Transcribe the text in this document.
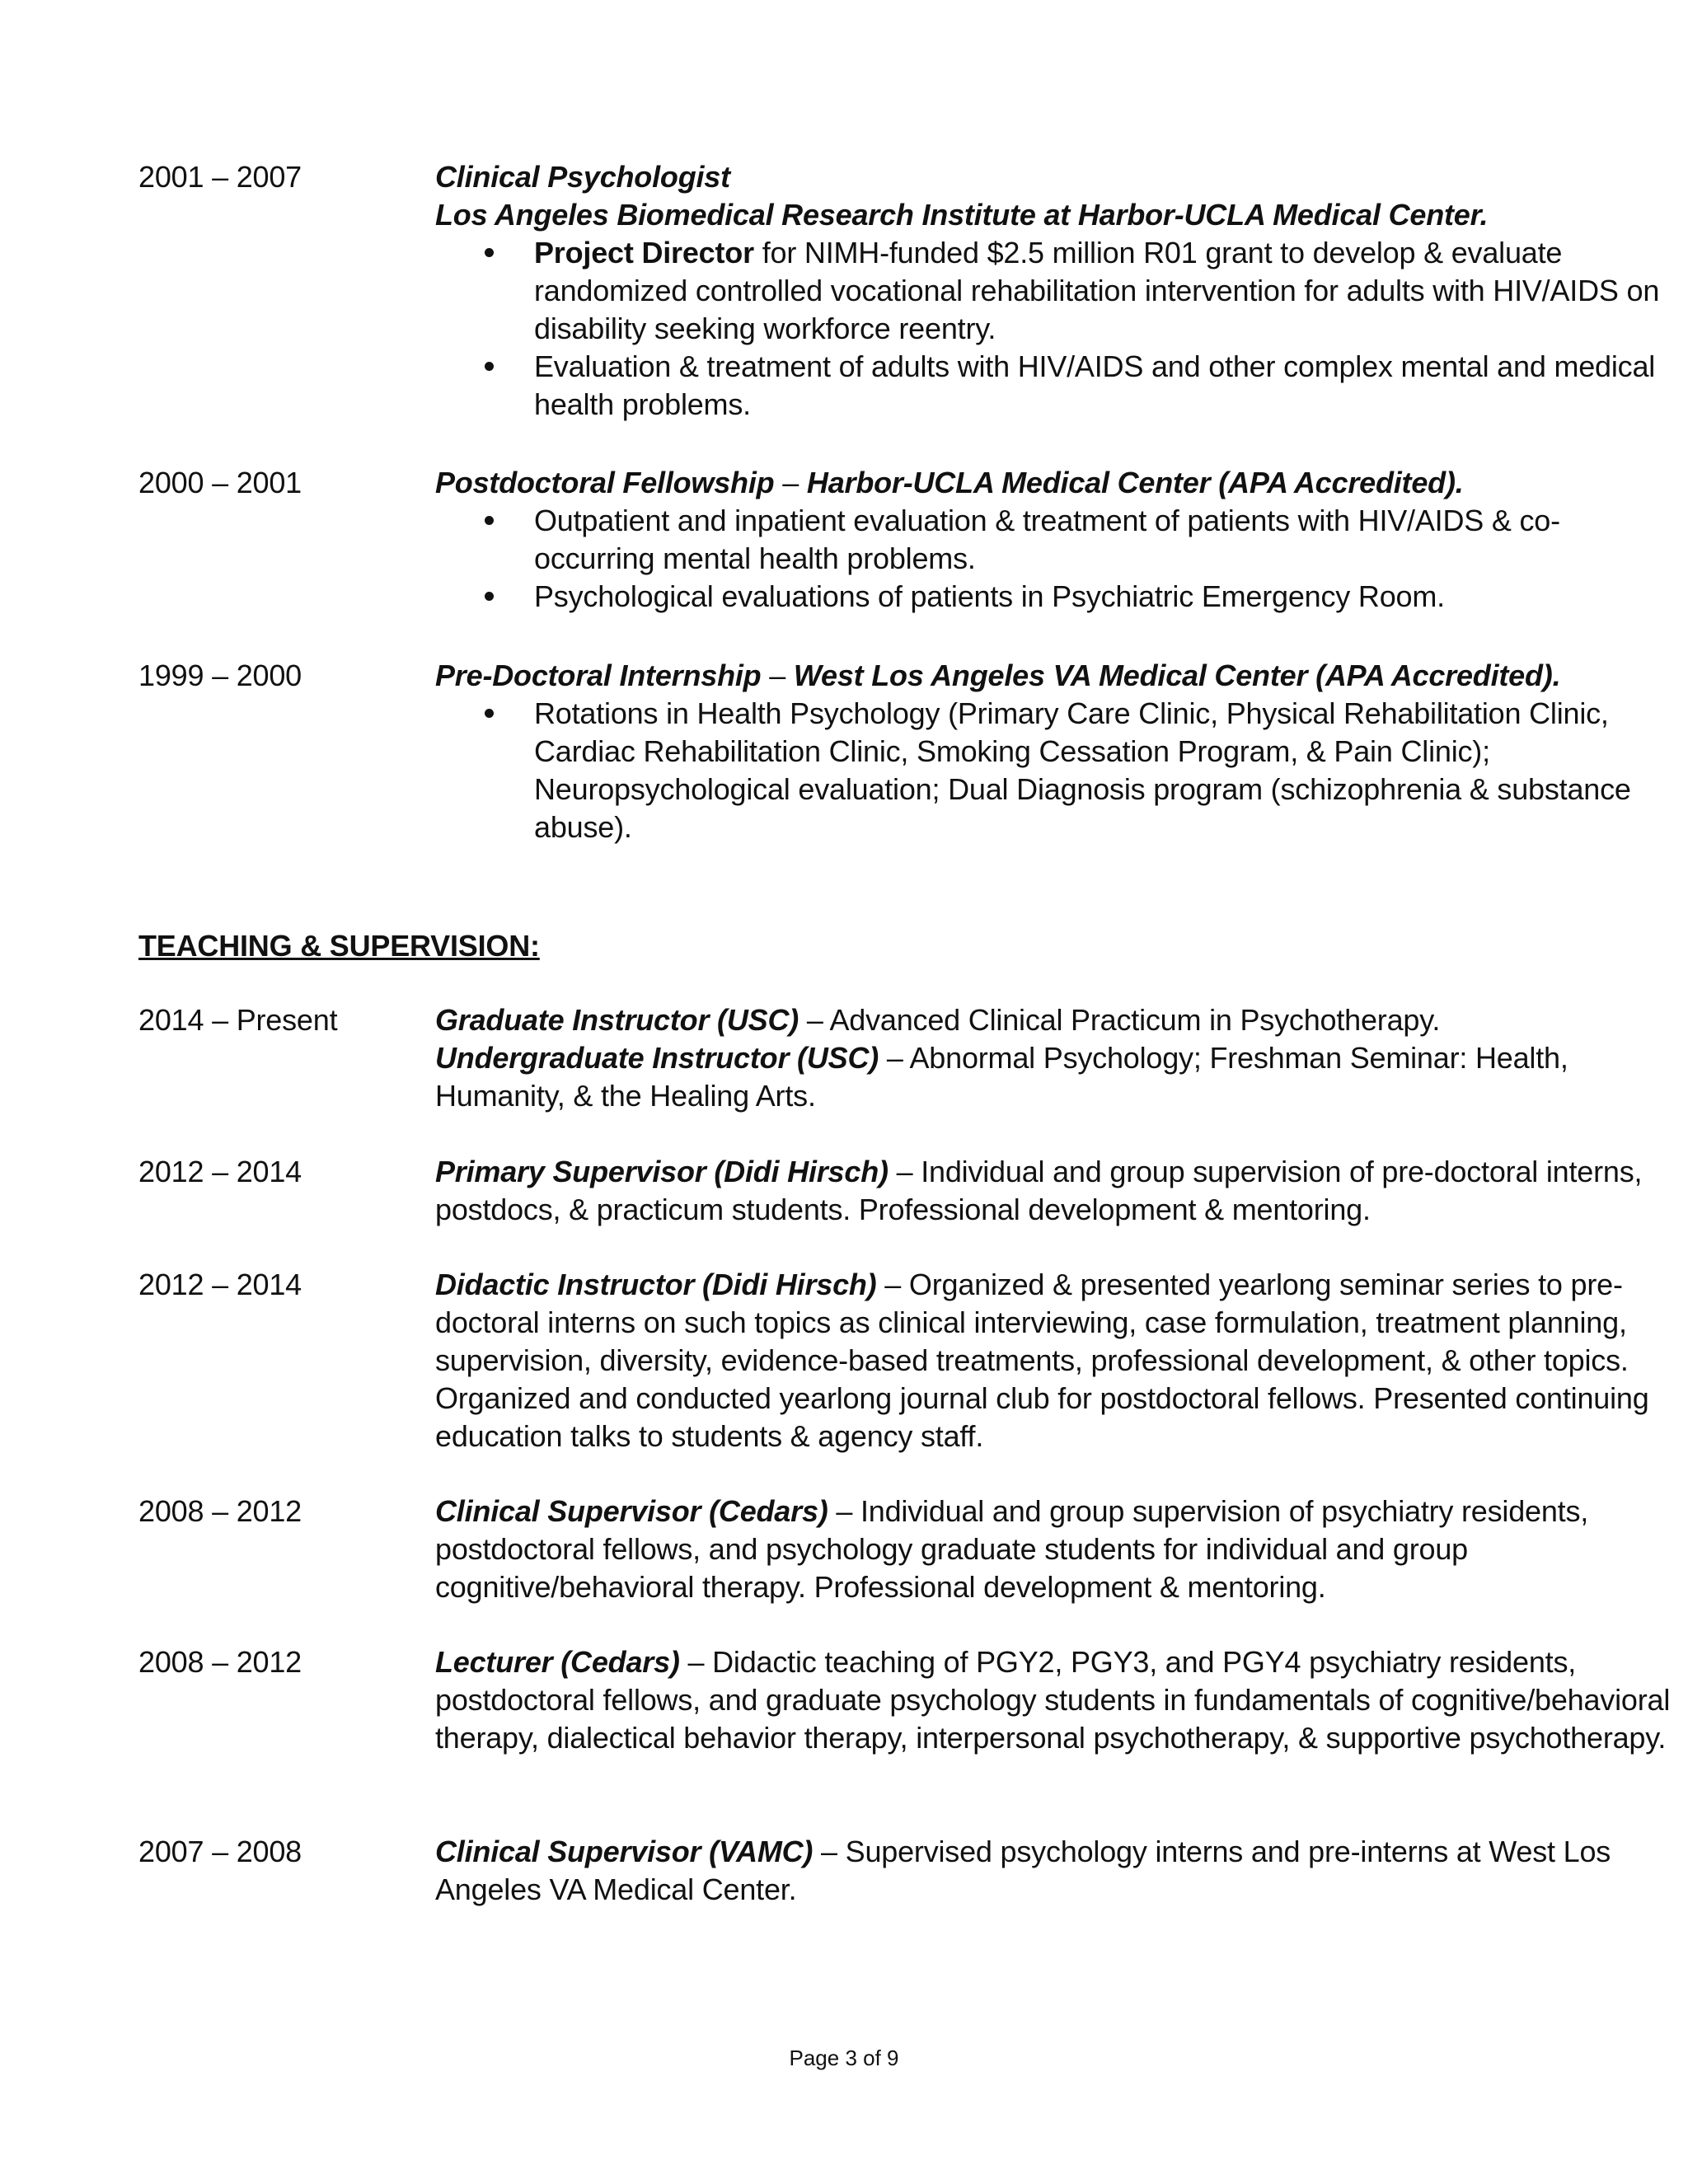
2001 – 2007	Clinical Psychologist
Los Angeles Biomedical Research Institute at Harbor-UCLA Medical Center.
Project Director for NIMH-funded $2.5 million R01 grant to develop & evaluate randomized controlled vocational rehabilitation intervention for adults with HIV/AIDS on disability seeking workforce reentry.
Evaluation & treatment of adults with HIV/AIDS and other complex mental and medical health problems.
2000 – 2001	Postdoctoral Fellowship – Harbor-UCLA Medical Center (APA Accredited).
Outpatient and inpatient evaluation & treatment of patients with HIV/AIDS & co-occurring mental health problems.
Psychological evaluations of patients in Psychiatric Emergency Room.
1999 – 2000	Pre-Doctoral Internship – West Los Angeles VA Medical Center (APA Accredited).
Rotations in Health Psychology (Primary Care Clinic, Physical Rehabilitation Clinic, Cardiac Rehabilitation Clinic, Smoking Cessation Program, & Pain Clinic); Neuropsychological evaluation; Dual Diagnosis program (schizophrenia & substance abuse).
TEACHING & SUPERVISION:
2014 – Present	Graduate Instructor (USC) – Advanced Clinical Practicum in Psychotherapy.
Undergraduate Instructor (USC) – Abnormal Psychology; Freshman Seminar: Health, Humanity, & the Healing Arts.
2012 – 2014	Primary Supervisor (Didi Hirsch) – Individual and group supervision of pre-doctoral interns, postdocs, & practicum students. Professional development & mentoring.
2012 – 2014	Didactic Instructor (Didi Hirsch) – Organized & presented yearlong seminar series to pre-doctoral interns on such topics as clinical interviewing, case formulation, treatment planning, supervision, diversity, evidence-based treatments, professional development, & other topics. Organized and conducted yearlong journal club for postdoctoral fellows. Presented continuing education talks to students & agency staff.
2008 – 2012	Clinical Supervisor (Cedars) – Individual and group supervision of psychiatry residents, postdoctoral fellows, and psychology graduate students for individual and group cognitive/behavioral therapy. Professional development & mentoring.
2008 – 2012	Lecturer (Cedars) – Didactic teaching of PGY2, PGY3, and PGY4 psychiatry residents, postdoctoral fellows, and graduate psychology students in fundamentals of cognitive/behavioral therapy, dialectical behavior therapy, interpersonal psychotherapy, & supportive psychotherapy.
2007 – 2008	Clinical Supervisor (VAMC) – Supervised psychology interns and pre-interns at West Los Angeles VA Medical Center.
Page 3 of 9
